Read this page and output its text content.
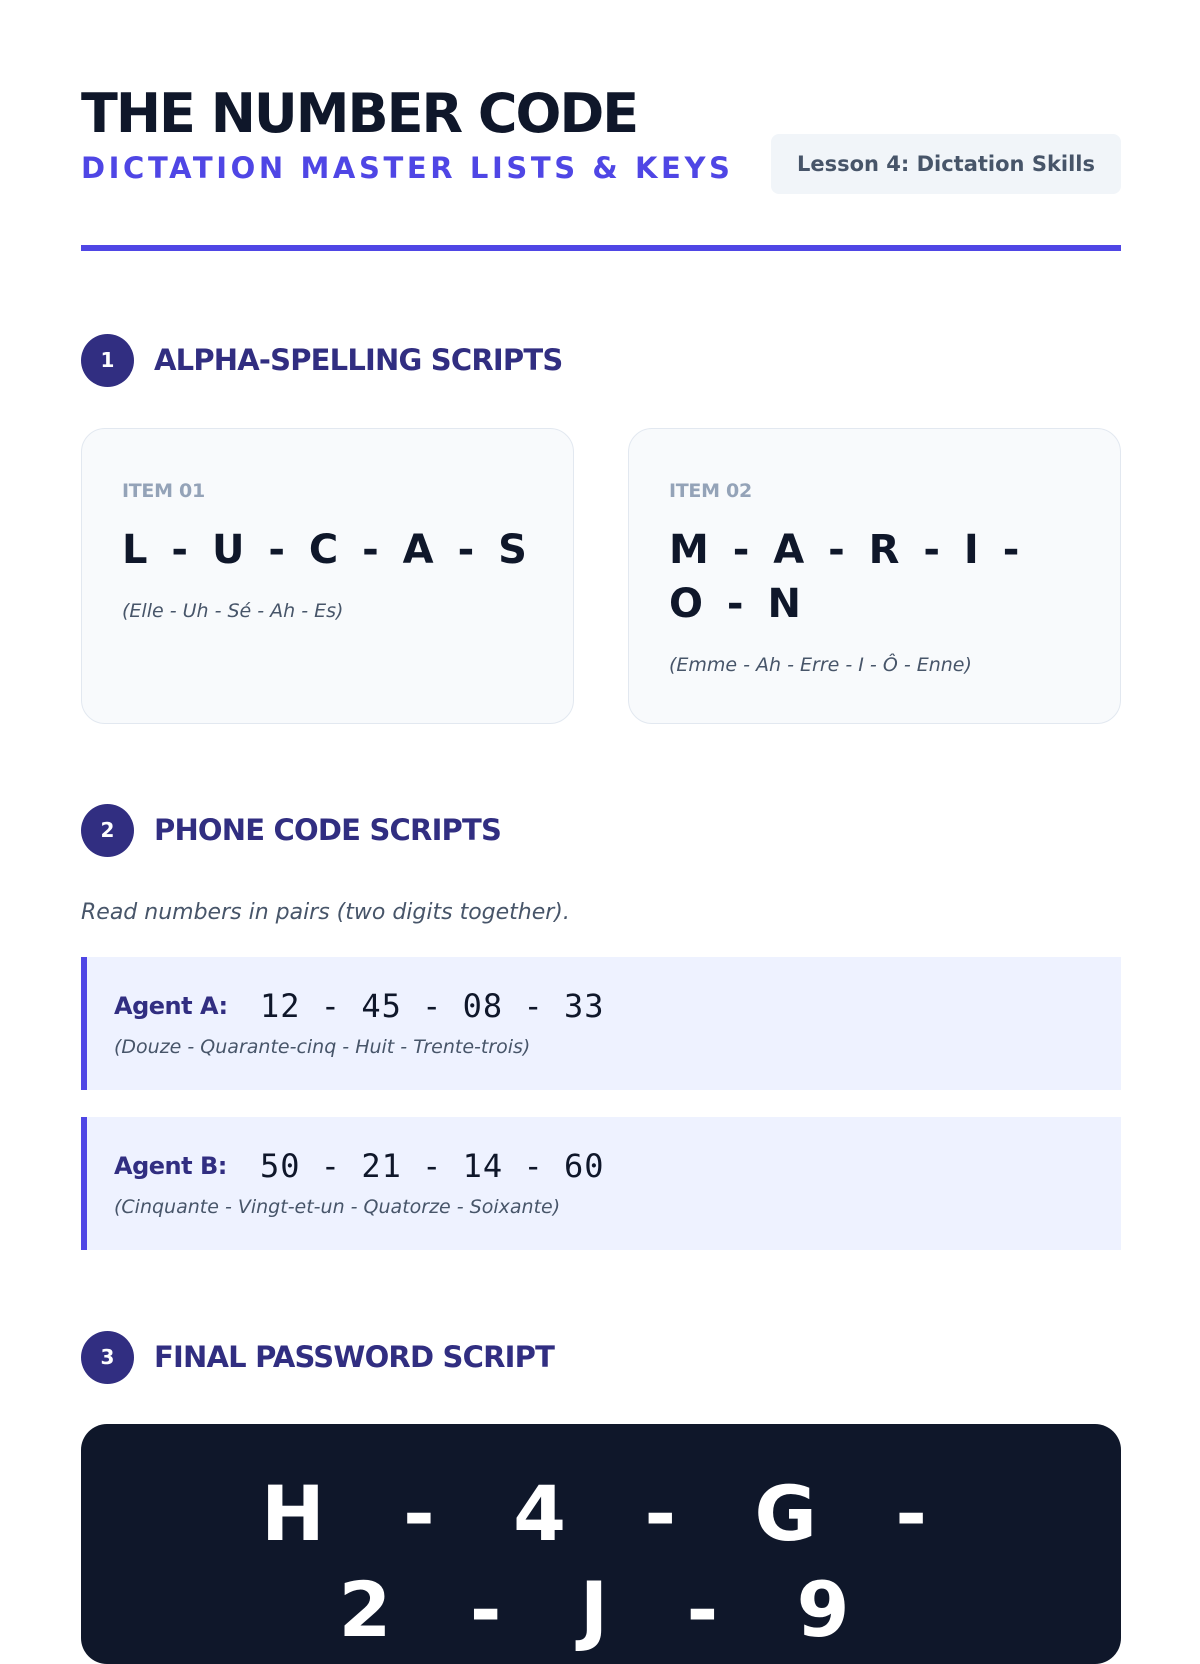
THE NUMBER CODE
DICTATION MASTER LISTS & KEYS	Lesson 4: Dictation Skills
1	ALPHA-SPELLING SCRIPTS
ITEM 01
L - U - C - A - S
(Elle - Uh - Sé - Ah - Es)
ITEM 02
M - A - R - I - O - N
(Emme - Ah - Erre - I - Ô - Enne)
2	PHONE CODE SCRIPTS
Read numbers in pairs (two digits together).
Agent A: 12 - 45 - 08 - 33
(Douze - Quarante-cinq - Huit - Trente-trois)
Agent B: 50 - 21 - 14 - 60
(Cinquante - Vingt-et-un - Quatorze - Soixante)
3	FINAL PASSWORD SCRIPT
H - 4 - G - 2 - J - 9
